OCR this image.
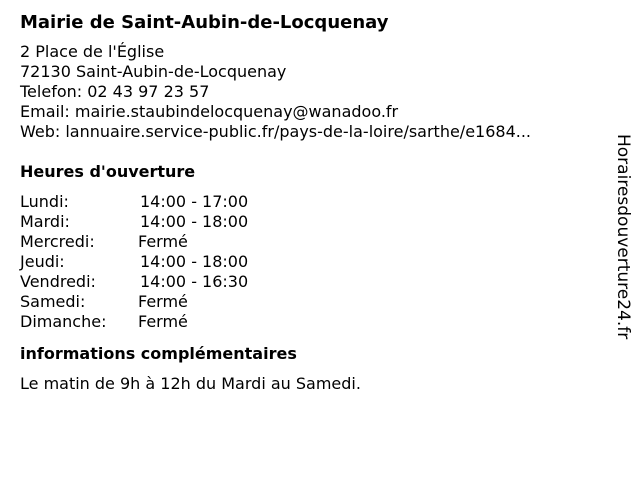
Mairie de Saint-Aubin-de-Locquenay
2 Place de l'Église
72130 Saint-Aubin-de-Locquenay
Telefon: 02 43 97 23 57
Email: mairie.staubindelocquenay@wanadoo.fr
Web: lannuaire.service-public.fr/pays-de-la-loire/sarthe/e1684...
Heures d'ouverture
Lundi:	14:00 - 17:00
Mardi:	14:00 - 18:00
Mercredi:	Fermé
Jeudi:	14:00 - 18:00
Vendredi:	14:00 - 16:30
Samedi:	Fermé
Dimanche:	Fermé
informations complémentaires
Le matin de 9h à 12h du Mardi au Samedi.
Horairesdouverture24.fr
